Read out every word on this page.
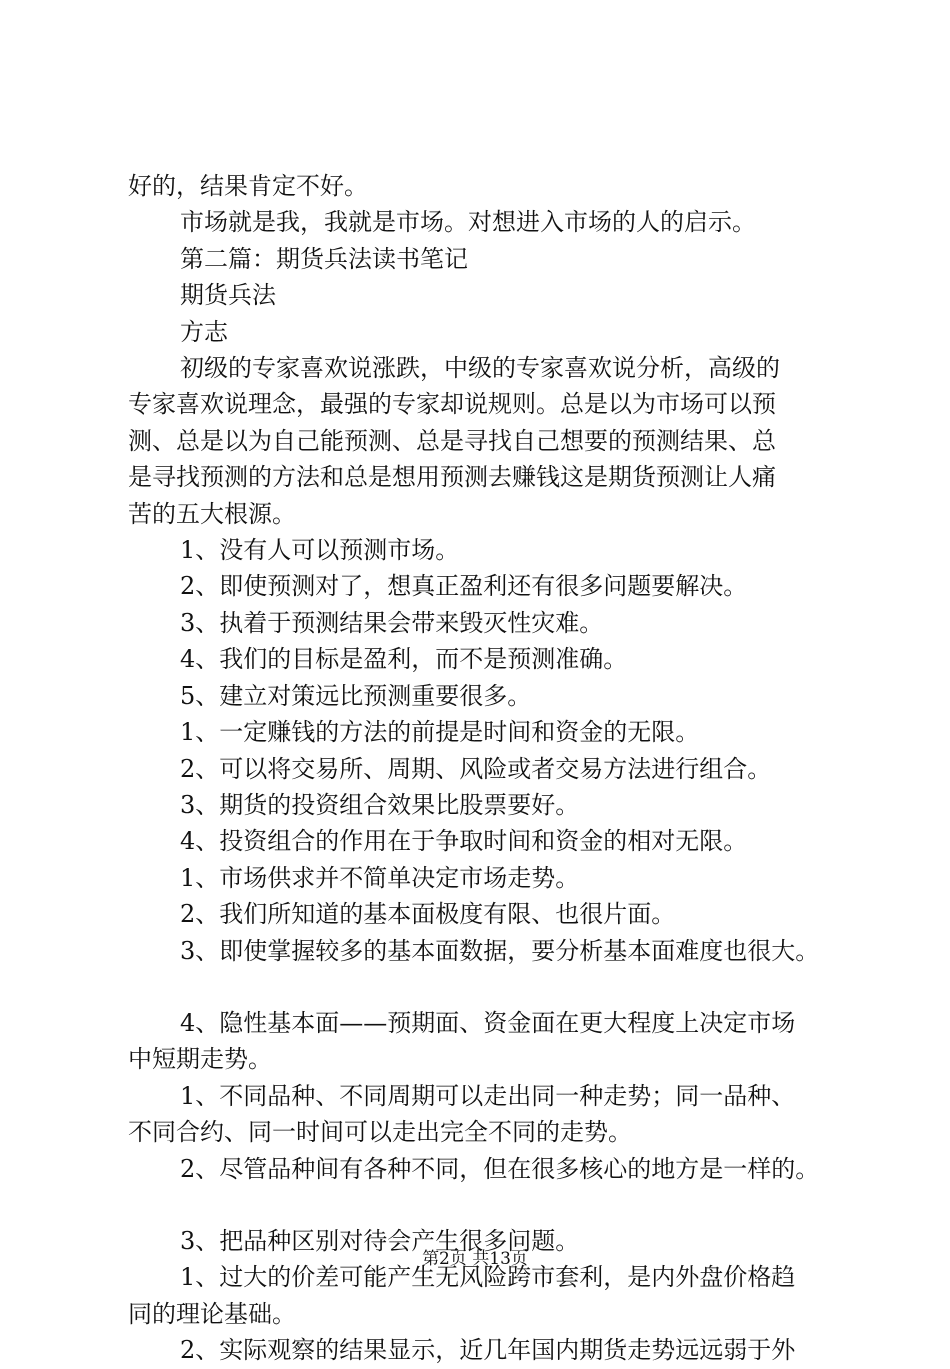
好的，结果肯定不好。

市场就是我，我就是市场。对想进入市场的人的启示。

第二篇：期货兵法读书笔记

期货兵法

方志

初级的专家喜欢说涨跌，中级的专家喜欢说分析，高级的

专家喜欢说理念，最强的专家却说规则。总是以为市场可以预

测、总是以为自己能预测、总是寻找自己想要的预测结果、总

是寻找预测的方法和总是想用预测去赚钱这是期货预测让人痛

苦的五大根源。

1、没有人可以预测市场。

2、即使预测对了，想真正盈利还有很多问题要解决。

3、执着于预测结果会带来毁灭性灾难。

4、我们的目标是盈利，而不是预测准确。

5、建立对策远比预测重要很多。

1、一定赚钱的方法的前提是时间和资金的无限。

2、可以将交易所、周期、风险或者交易方法进行组合。

3、期货的投资组合效果比股票要好。

4、投资组合的作用在于争取时间和资金的相对无限。

1、市场供求并不简单决定市场走势。

2、我们所知道的基本面极度有限、也很片面。

3、即使掌握较多的基本面数据，要分析基本面难度也很大。

4、隐性基本面——预期面、资金面在更大程度上决定市场

中短期走势。

1、不同品种、不同周期可以走出同一种走势；同一品种、

不同合约、同一时间可以走出完全不同的走势。

2、尽管品种间有各种不同，但在很多核心的地方是一样的。

3、把品种区别对待会产生很多问题。

1、过大的价差可能产生无风险跨市套利，是内外盘价格趋

同的理论基础。

2、实际观察的结果显示，近几年国内期货走势远远弱于外

第2页 共13页
